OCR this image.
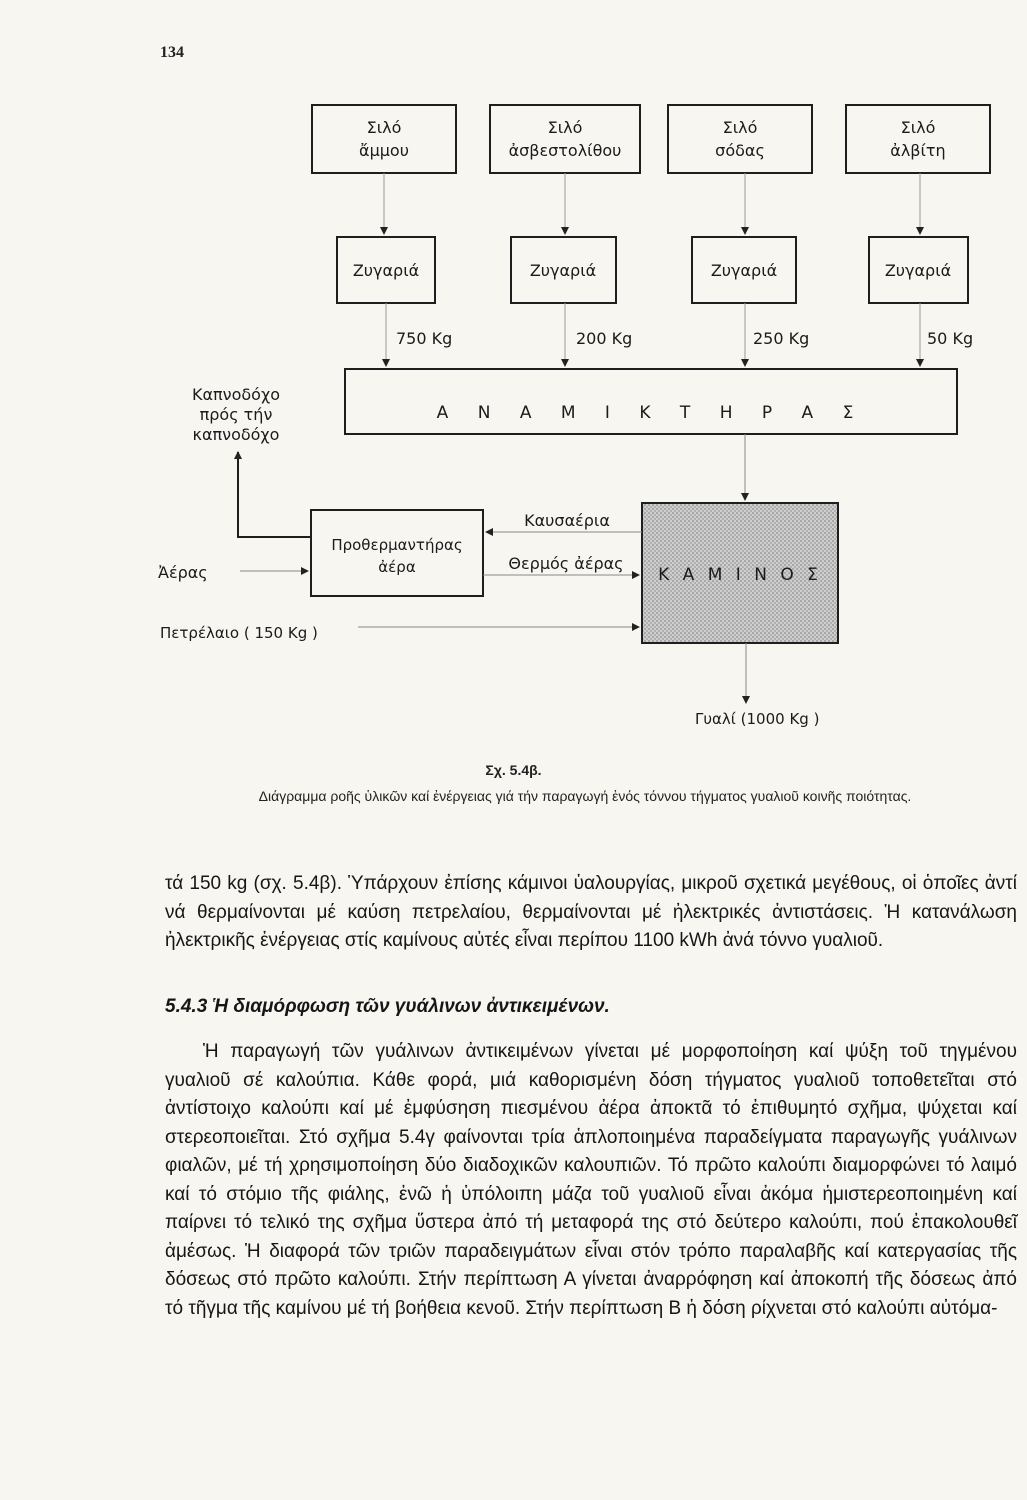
134
Σιλό
ἄμμου
Σιλό
ἀσβεστολίθου
Σιλό
σόδας
Σιλό
ἀλβίτη
Ζυγαριά	Ζυγαριά	Ζυγαριά	Ζυγαριά
750 Kg	200 Kg	250 Kg	50 Kg
Α Ν Α Μ Ι Κ Τ Η Ρ Α Σ
Καπνοδόχο
πρός τήν
καπνοδόχο
Προθερμαντήρας
ἀέρα
Ἀέρας	Κ Α Μ Ι Ν Ο Σ
Καυσαέρια
Θερμός ἀέρας
Πετρέλαιο ( 150 Kg )
Γυαλί (1000 Kg )
Σχ. 5.4β.
Διάγραμμα ροῆς ὑλικῶν καί ἐνέργειας γιά τήν παραγωγή ἑνός τόννου τήγματος γυαλιοῦ κοινῆς ποιότητας.
τά 150 kg (σχ. 5.4β). Ὑπάρχουν ἐπίσης κάμινοι ὑαλουργίας, μικροῦ σχετικά μεγέθους, οἱ ὁποῖες ἀντί νά θερμαίνονται μέ καύση πετρελαίου, θερμαίνονται μέ ἠλεκτρικές ἀντιστάσεις. Ἡ κατανάλωση ἠλεκτρικῆς ἐνέργειας στίς καμίνους αὐτές εἶναι περίπου 1100 kWh ἀνά τόννο γυαλιοῦ.
5.4.3 Ἡ διαμόρφωση τῶν γυάλινων ἀντικειμένων.
Ἡ παραγωγή τῶν γυάλινων ἀντικειμένων γίνεται μέ μορφοποίηση καί ψύξη τοῦ τηγμένου γυαλιοῦ σέ καλούπια. Κάθε φορά, μιά καθορισμένη δόση τήγματος γυαλιοῦ τοποθετεῖται στό ἀντίστοιχο καλούπι καί μέ ἐμφύσηση πιεσμένου ἀέρα ἀποκτᾶ τό ἐπιθυμητό σχῆμα, ψύχεται καί στερεοποιεῖται. Στό σχῆμα 5.4γ φαίνονται τρία ἁπλοποιημένα παραδείγματα παραγωγῆς γυάλινων φιαλῶν, μέ τή χρησιμοποίηση δύο διαδοχικῶν καλουπιῶν. Τό πρῶτο καλούπι διαμορφώνει τό λαιμό καί τό στόμιο τῆς φιάλης, ἐνῶ ἡ ὑπόλοιπη μάζα τοῦ γυαλιοῦ εἶναι ἀκόμα ἡμιστερεοποιημένη καί παίρνει τό τελικό της σχῆμα ὕστερα ἀπό τή μεταφορά της στό δεύτερο καλούπι, πού ἐπακολουθεῖ ἀμέσως. Ἡ διαφορά τῶν τριῶν παραδειγμάτων εἶναι στόν τρόπο παραλαβῆς καί κατεργασίας τῆς δόσεως στό πρῶτο καλούπι. Στήν περίπτωση Α γίνεται ἀναρρόφηση καί ἀποκοπή τῆς δόσεως ἀπό τό τῆγμα τῆς καμίνου μέ τή βοήθεια κενοῦ. Στήν περίπτωση Β ἡ δόση ρίχνεται στό καλούπι αὐτόμα-
